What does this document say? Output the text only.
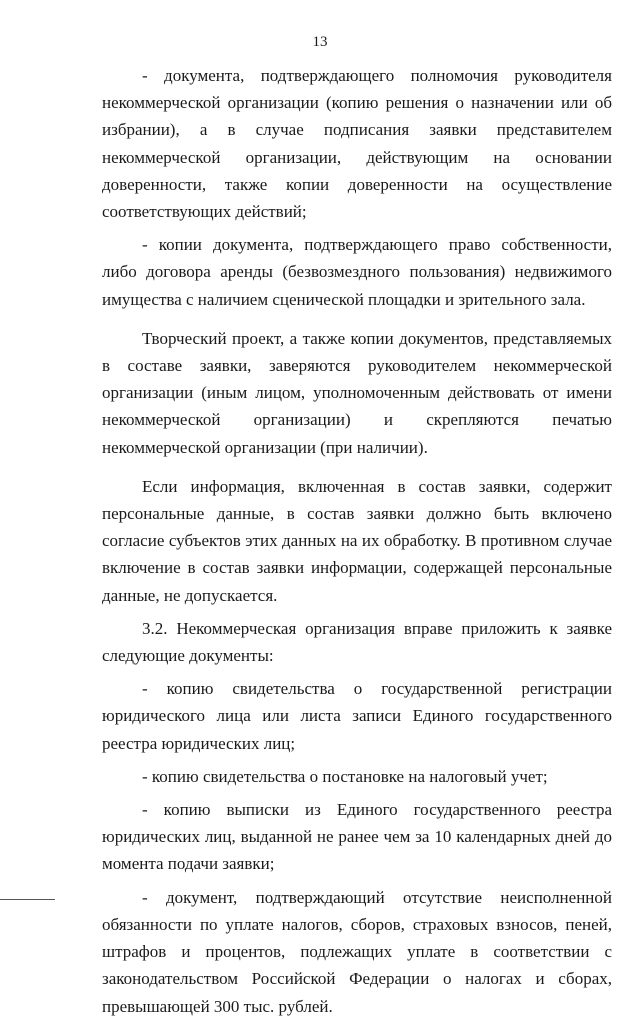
13

- документа, подтверждающего полномочия руководителя некоммерческой организации (копию решения о назначении или об избрании), а в случае подписания заявки представителем некоммерческой организации, действующим на основании доверенности, также копии доверенности на осуществление соответствующих действий;

- копии документа, подтверждающего право собственности, либо договора аренды (безвозмездного пользования) недвижимого имущества с наличием сценической площадки и зрительного зала.

Творческий проект, а также копии документов, представляемых в составе заявки, заверяются руководителем некоммерческой организации (иным лицом, уполномоченным действовать от имени некоммерческой организации) и скрепляются печатью некоммерческой организации (при наличии).

Если информация, включенная в состав заявки, содержит персональные данные, в состав заявки должно быть включено согласие субъектов этих данных на их обработку. В противном случае включение в состав заявки информации, содержащей персональные данные, не допускается.

3.2. Некоммерческая организация вправе приложить к заявке следующие документы:

- копию свидетельства о государственной регистрации юридического лица или листа записи Единого государственного реестра юридических лиц;

- копию свидетельства о постановке на налоговый учет;

- копию выписки из Единого государственного реестра юридических лиц, выданной не ранее чем за 10 календарных дней до момента подачи заявки;

- документ, подтверждающий отсутствие неисполненной обязанности по уплате налогов, сборов, страховых взносов, пеней, штрафов и процентов, подлежащих уплате в соответствии с законодательством Российской Федерации о налогах и сборах, превышающей 300 тыс. рублей.
